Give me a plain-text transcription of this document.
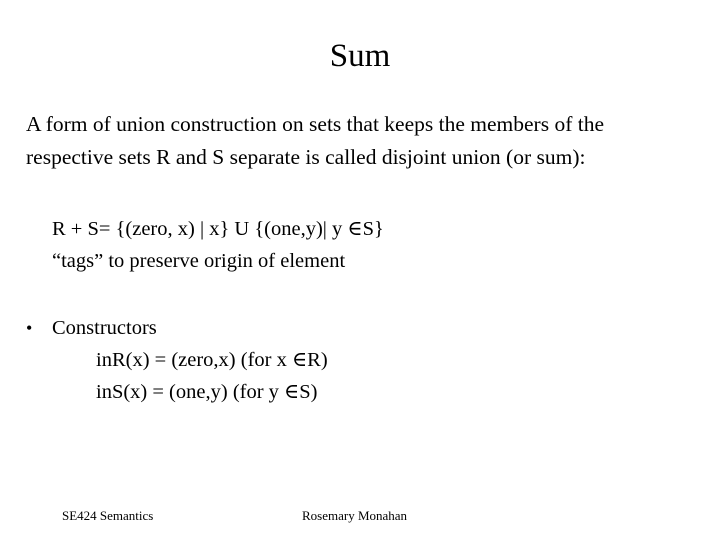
Sum
A form of union construction on sets that keeps the members of the
respective sets R and S separate is called disjoint union (or sum):
R + S= {(zero, x) | x} U {(one,y)| y ∈S}
“tags” to preserve origin of element
• Constructors
inR(x) = (zero,x) (for x ∈R)
inS(x) = (one,y) (for y ∈S)
SE424 Semantics	Rosemary Monahan
